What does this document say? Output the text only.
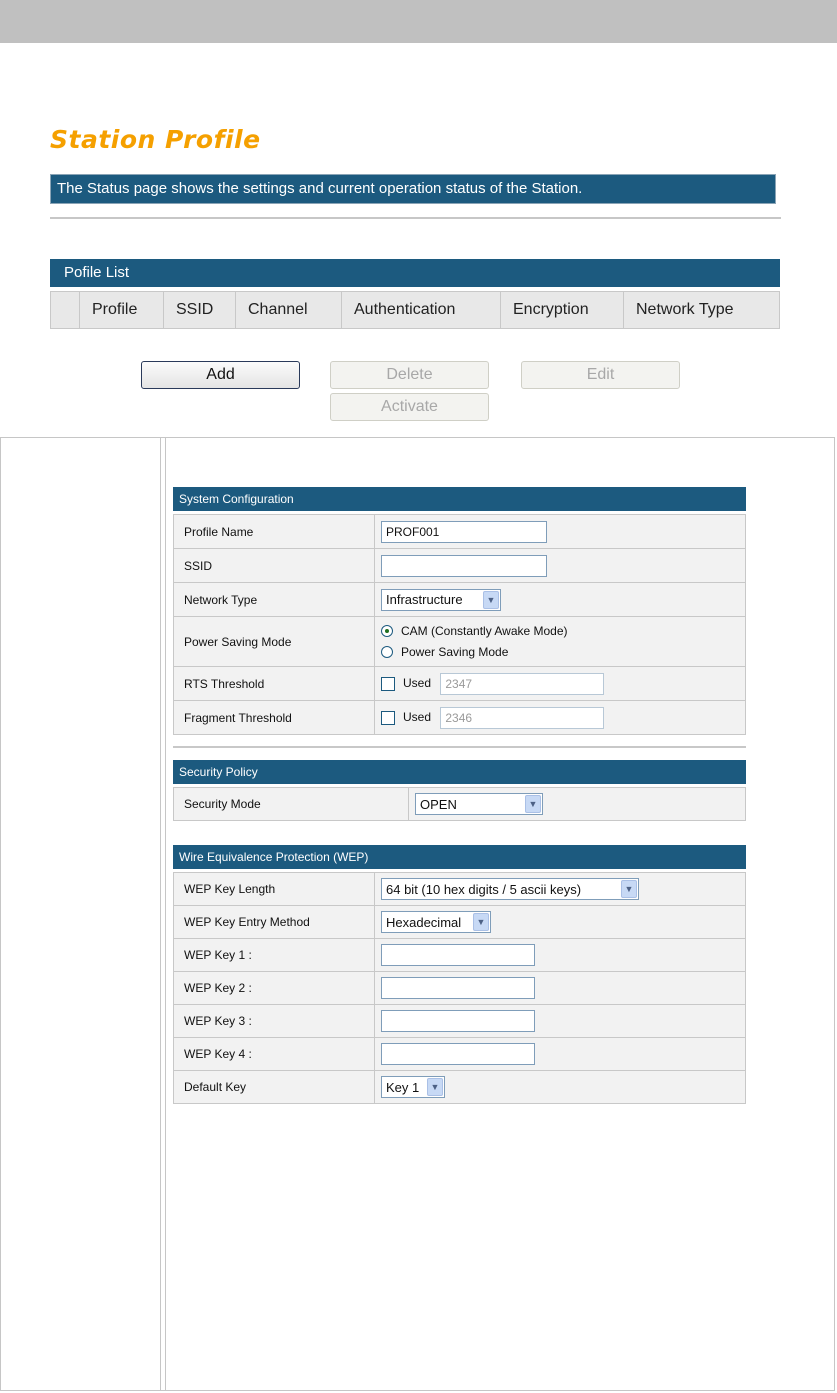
Station Profile
The Status page shows the settings and current operation status of the Station.
Pofile List
Profile	SSID	Channel	Authentication	Encryption	Network Type
Add	Delete	Edit
Activate
System Configuration
Profile Name	PROF001
SSID	
Network Type	Infrastructure ▼

Power Saving Mode	CAM (Constantly Awake Mode)
Power Saving Mode

RTS Threshold	Used 2347
Fragment Threshold	Used 2346
Security Policy
Security Mode	OPEN	▼
Wire Equivalence Protection (WEP)
WEP Key Length	64 bit (10 hex digits / 5 ascii keys) ▼

WEP Key Entry Method	Hexadecimal ▼

WEP Key 1 :	
WEP Key 2 :	
WEP Key 3 :	
WEP Key 4 :	
Default Key	Key 1 ▼
